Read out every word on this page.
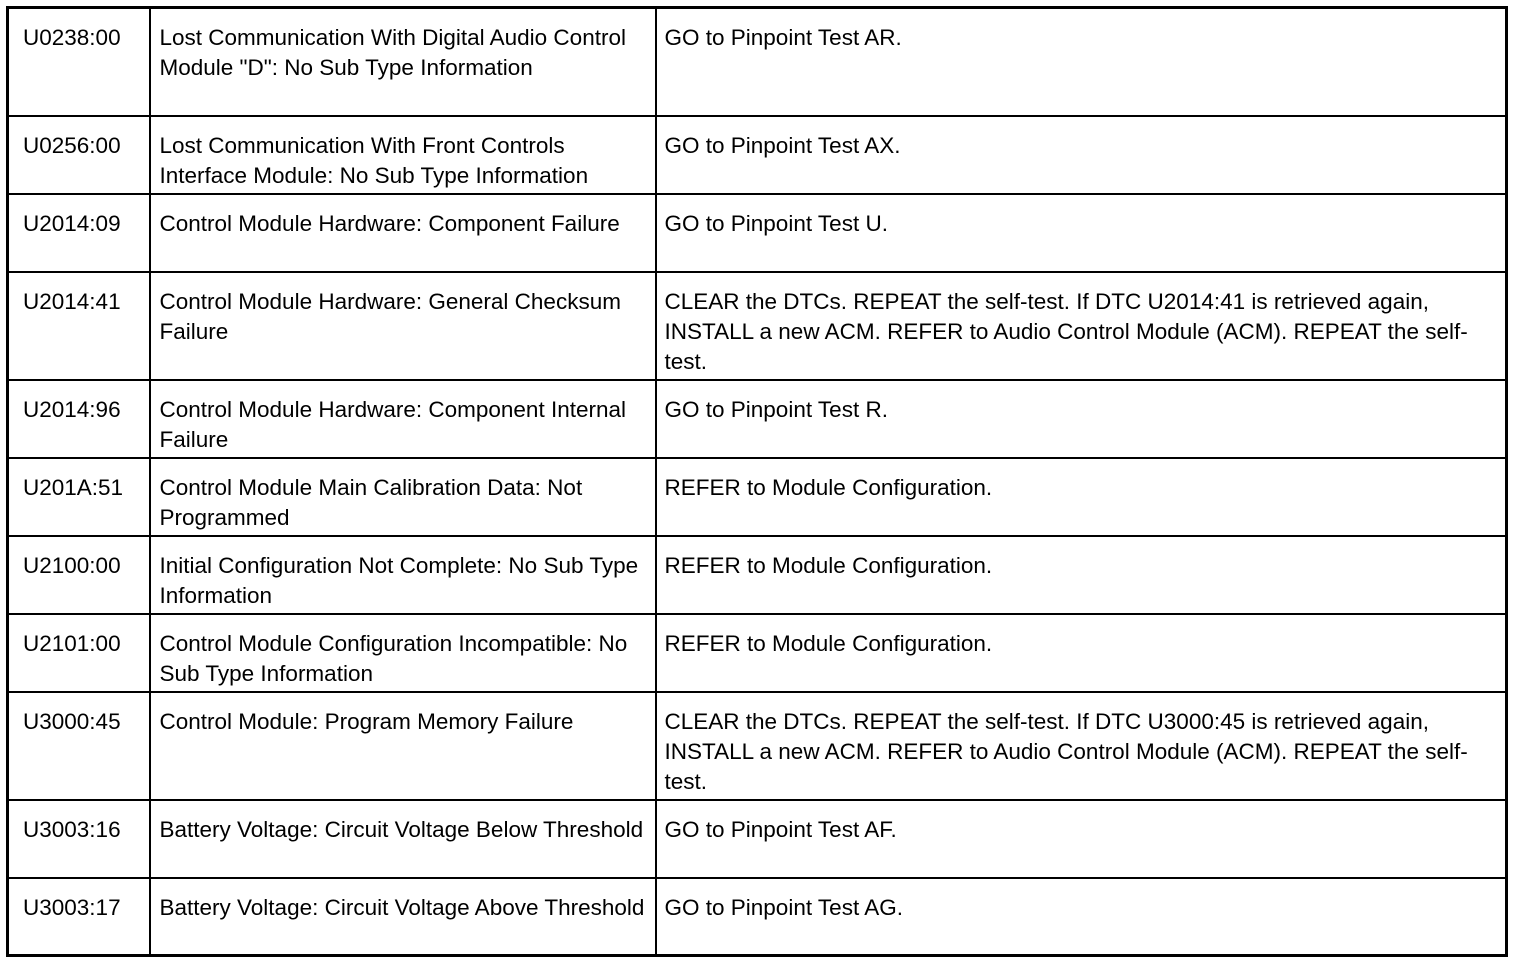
U0238:00	Lost Communication With Digital Audio Control Module "D": No Sub Type Information	GO to Pinpoint Test AR.
U0256:00	Lost Communication With Front Controls Interface Module: No Sub Type Information	GO to Pinpoint Test AX.
U2014:09	Control Module Hardware: Component Failure	GO to Pinpoint Test U.
U2014:41	Control Module Hardware: General Checksum Failure	CLEAR the DTCs. REPEAT the self-test. If DTC U2014:41 is retrieved again, INSTALL a new ACM. REFER to Audio Control Module (ACM). REPEAT the self-test.
U2014:96	Control Module Hardware: Component Internal Failure	GO to Pinpoint Test R.
U201A:51	Control Module Main Calibration Data: Not Programmed	REFER to Module Configuration.
U2100:00	Initial Configuration Not Complete: No Sub Type Information	REFER to Module Configuration.
U2101:00	Control Module Configuration Incompatible: No Sub Type Information	REFER to Module Configuration.
U3000:45	Control Module: Program Memory Failure	CLEAR the DTCs. REPEAT the self-test. If DTC U3000:45 is retrieved again, INSTALL a new ACM. REFER to Audio Control Module (ACM). REPEAT the self-test.
U3003:16	Battery Voltage: Circuit Voltage Below Threshold	GO to Pinpoint Test AF.
U3003:17	Battery Voltage: Circuit Voltage Above Threshold	GO to Pinpoint Test AG.
